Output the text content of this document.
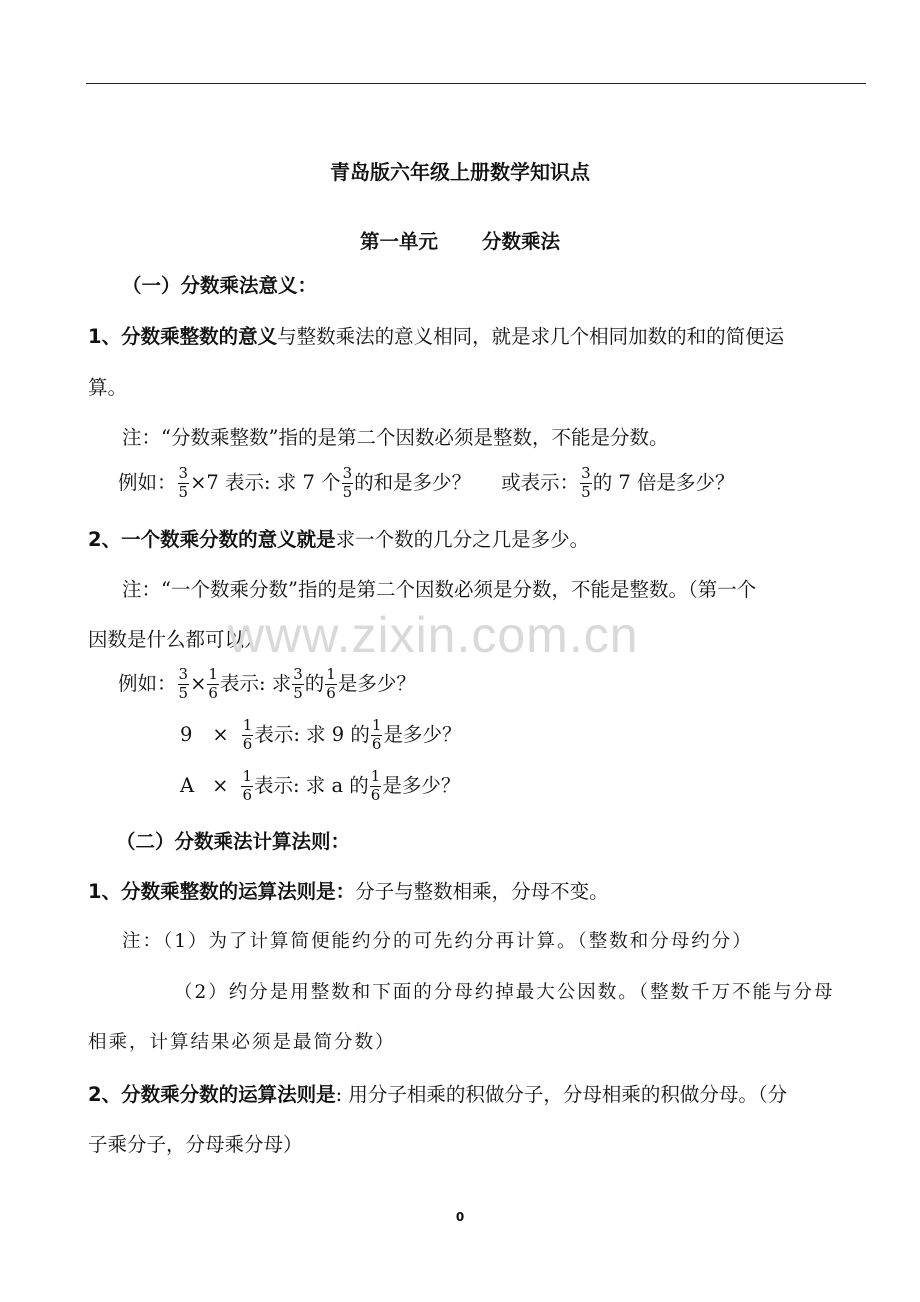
青岛版六年级上册数学知识点
第一单元 分数乘法
（一）分数乘法意义：
1、分数乘整数的意义与整数乘法的意义相同，就是求几个相同加数的和的简便运
算。
注：“分数乘整数”指的是第二个因数必须是整数，不能是分数。
例如： $\frac{3}{5} \times 7$ 表示: 求 7 个 $\frac{3}{5}$ 的和是多少？ 或表示： $\frac{3}{5}$ 的 7 倍是多少？
2、一个数乘分数的意义就是求一个数的几分之几是多少。
注：“一个数乘分数”指的是第二个因数必须是分数，不能是整数。（第一个
因数是什么都可以）
例如： $\frac{3}{5} \times \frac{1}{6}$ 表示: 求 $\frac{3}{5}$ 的 $\frac{1}{6}$ 是多少？
$9 \times \frac{1}{6}$ 表示: 求 9 的 $\frac{1}{6}$ 是多少？
$A \times \frac{1}{6}$ 表示: 求 a 的 $\frac{1}{6}$ 是多少？
（二）分数乘法计算法则：
1、分数乘整数的运算法则是：分子与整数相乘，分母不变。
注：（1）为了计算简便能约分的可先约分再计算。（整数和分母约分）
（2）约分是用整数和下面的分母约掉最大公因数。（整数千万不能与分母
相乘，计算结果必须是最简分数）
2、分数乘分数的运算法则是: 用分子相乘的积做分子，分母相乘的积做分母。（分
子乘分子，分母乘分母）
www.zixin.com.cn
0
